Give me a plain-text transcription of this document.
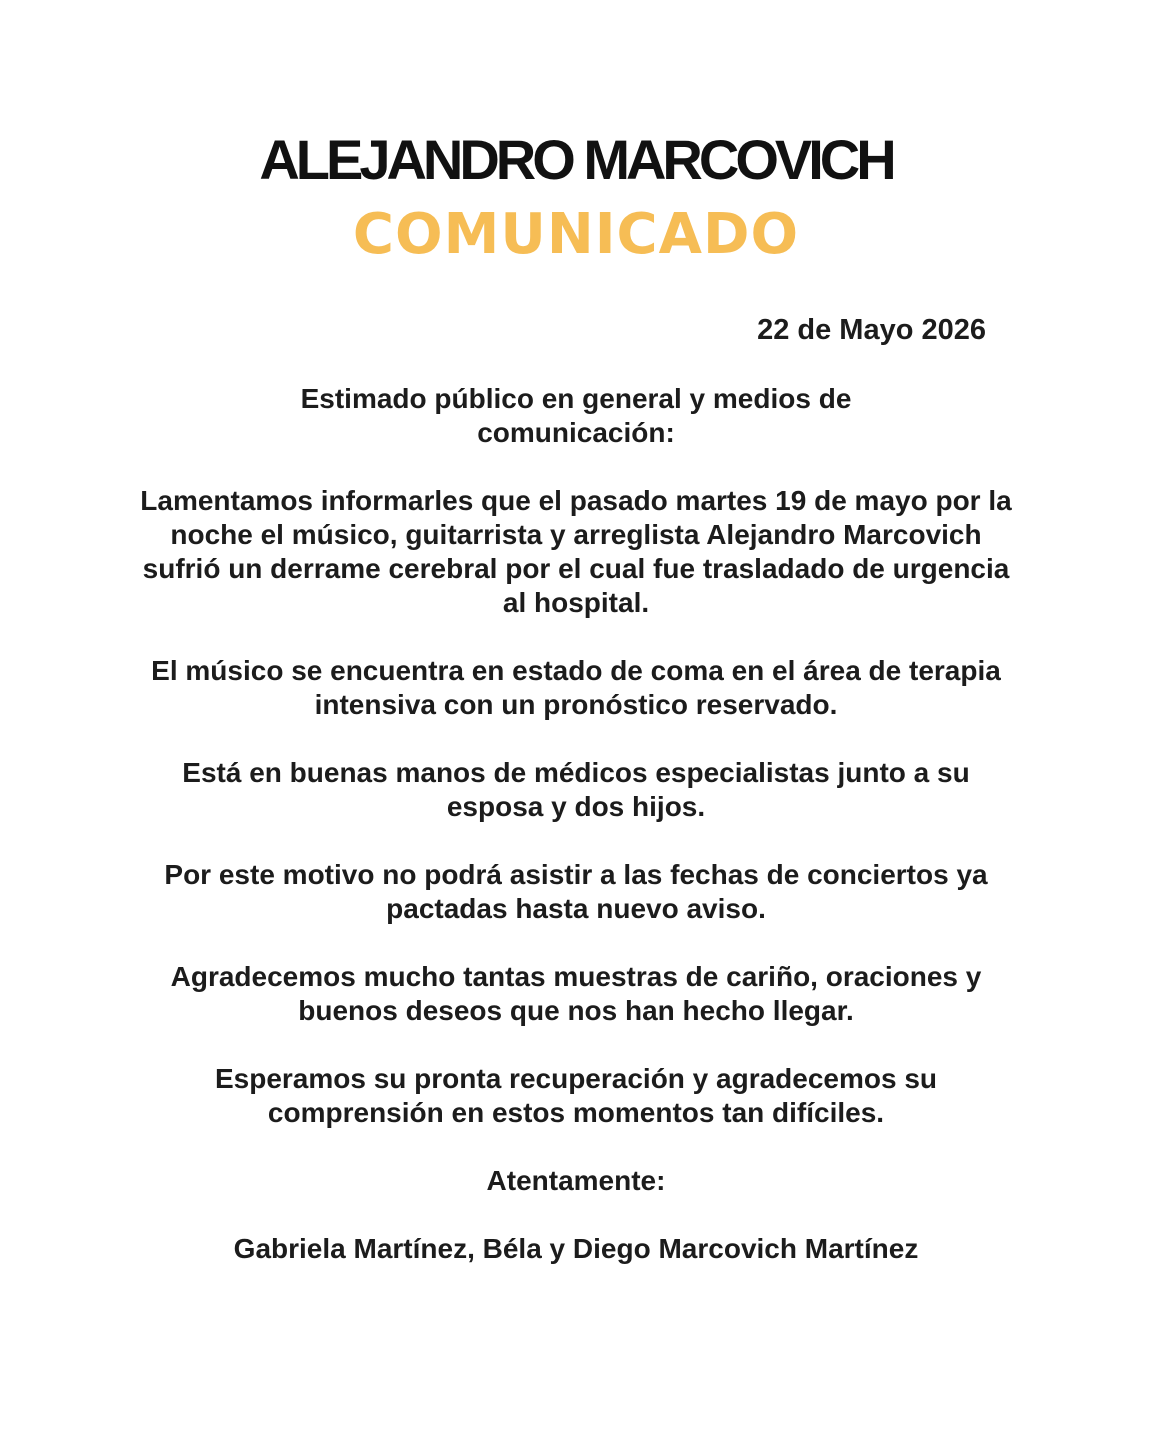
ALEJANDRO MARCOVICH
COMUNICADO
22 de Mayo 2026

Estimado público en general y medios de comunicación:

Lamentamos informarles que el pasado martes 19 de mayo por la noche el músico, guitarrista y arreglista Alejandro Marcovich sufrió un derrame cerebral por el cual fue trasladado de urgencia al hospital.

El músico se encuentra en estado de coma en el área de terapia intensiva con un pronóstico reservado.

Está en buenas manos de médicos especialistas junto a su esposa y dos hijos.

Por este motivo no podrá asistir a las fechas de conciertos ya pactadas hasta nuevo aviso.

Agradecemos mucho tantas muestras de cariño, oraciones y buenos deseos que nos han hecho llegar.

Esperamos su pronta recuperación y agradecemos su comprensión en estos momentos tan difíciles.

Atentamente:

Gabriela Martínez, Béla y Diego Marcovich Martínez
